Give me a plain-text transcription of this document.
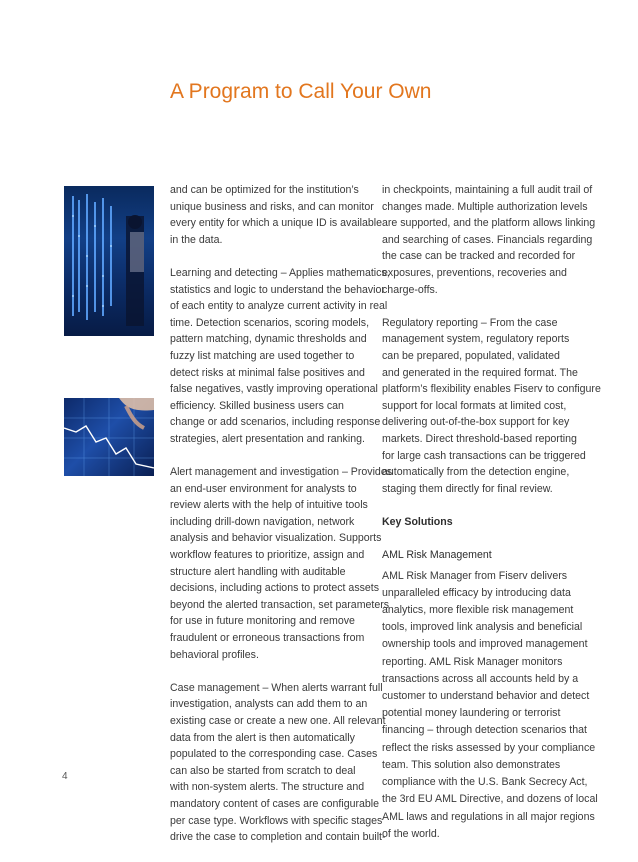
A Program to Call Your Own

and can be optimized for the institution’s
unique business and risks, and can monitor
every entity for which a unique ID is available
in the data.

Learning and detecting – Applies mathematics,
statistics and logic to understand the behavior
of each entity to analyze current activity in real
time. Detection scenarios, scoring models,
pattern matching, dynamic thresholds and
fuzzy list matching are used together to
detect risks at minimal false positives and
false negatives, vastly improving operational
efficiency. Skilled business users can
change or add scenarios, including response
strategies, alert presentation and ranking.

Alert management and investigation – Provides
an end-user environment for analysts to
review alerts with the help of intuitive tools
including drill-down navigation, network
analysis and behavior visualization. Supports
workflow features to prioritize, assign and
structure alert handling with auditable
decisions, including actions to protect assets
beyond the alerted transaction, set parameters
for use in future monitoring and remove
fraudulent or erroneous transactions from
behavioral profiles.

Case management – When alerts warrant full
investigation, analysts can add them to an
existing case or create a new one. All relevant
data from the alert is then automatically
populated to the corresponding case. Cases
can also be started from scratch to deal
with non-system alerts. The structure and
mandatory content of cases are configurable
per case type. Workflows with specific stages
drive the case to completion and contain built-

in checkpoints, maintaining a full audit trail of
changes made. Multiple authorization levels
are supported, and the platform allows linking
and searching of cases. Financials regarding
the case can be tracked and recorded for
exposures, preventions, recoveries and
charge-offs.

Regulatory reporting – From the case
management system, regulatory reports
can be prepared, populated, validated
and generated in the required format. The
platform’s flexibility enables Fiserv to configure
support for local formats at limited cost,
delivering out-of-the-box support for key
markets. Direct threshold-based reporting
for large cash transactions can be triggered
automatically from the detection engine,
staging them directly for final review.

Key Solutions
AML Risk Management

AML Risk Manager from Fiserv delivers
unparalleled efficacy by introducing data
analytics, more flexible risk management
tools, improved link analysis and beneficial
ownership tools and improved management
reporting. AML Risk Manager monitors
transactions across all accounts held by a
customer to understand behavior and detect
potential money laundering or terrorist
financing – through detection scenarios that
reflect the risks assessed by your compliance
team. This solution also demonstrates
compliance with the U.S. Bank Secrecy Act,
the 3rd EU AML Directive, and dozens of local
AML laws and regulations in all major regions
of the world.

4
